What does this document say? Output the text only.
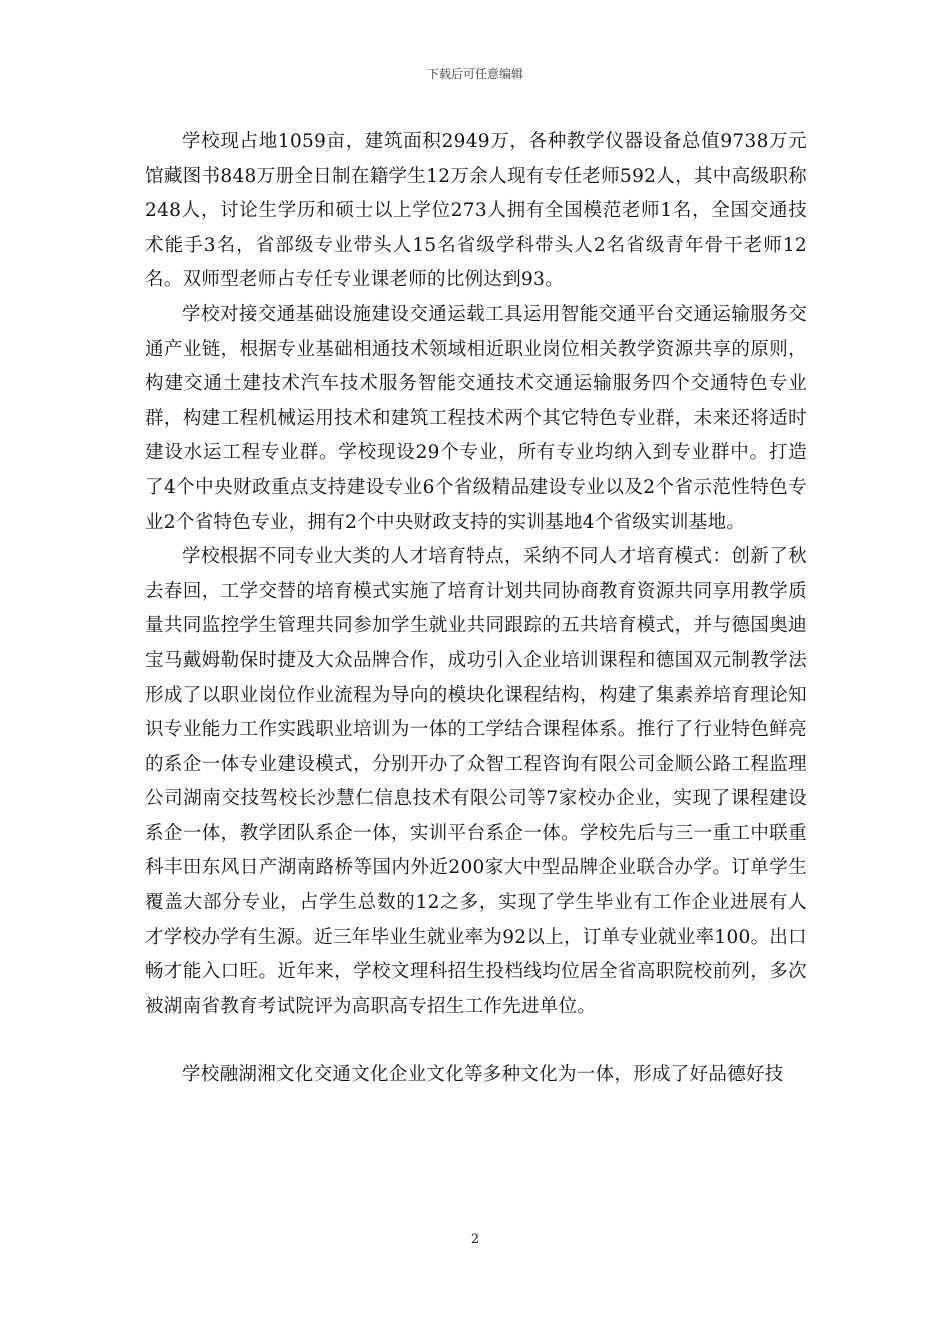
下载后可任意编辑

学校现占地1059亩，建筑面积2949万，各种教学仪器设备总值9738万元馆藏图书848万册全日制在籍学生12万余人现有专任老师592人，其中高级职称248人，讨论生学历和硕士以上学位273人拥有全国模范老师1名，全国交通技术能手3名，省部级专业带头人15名省级学科带头人2名省级青年骨干老师12名。双师型老师占专任专业课老师的比例达到93。

学校对接交通基础设施建设交通运载工具运用智能交通平台交通运输服务交通产业链，根据专业基础相通技术领域相近职业岗位相关教学资源共享的原则，构建交通土建技术汽车技术服务智能交通技术交通运输服务四个交通特色专业群，构建工程机械运用技术和建筑工程技术两个其它特色专业群，未来还将适时建设水运工程专业群。学校现设29个专业，所有专业均纳入到专业群中。打造了4个中央财政重点支持建设专业6个省级精品建设专业以及2个省示范性特色专业2个省特色专业，拥有2个中央财政支持的实训基地4个省级实训基地。

学校根据不同专业大类的人才培育特点，采纳不同人才培育模式：创新了秋去春回，工学交替的培育模式实施了培育计划共同协商教育资源共同享用教学质量共同监控学生管理共同参加学生就业共同跟踪的五共培育模式，并与德国奥迪宝马戴姆勒保时捷及大众品牌合作，成功引入企业培训课程和德国双元制教学法形成了以职业岗位作业流程为导向的模块化课程结构，构建了集素养培育理论知识专业能力工作实践职业培训为一体的工学结合课程体系。推行了行业特色鲜亮的系企一体专业建设模式，分别开办了众智工程咨询有限公司金顺公路工程监理公司湖南交技驾校长沙慧仁信息技术有限公司等7家校办企业，实现了课程建设系企一体，教学团队系企一体，实训平台系企一体。学校先后与三一重工中联重科丰田东风日产湖南路桥等国内外近200家大中型品牌企业联合办学。订单学生覆盖大部分专业，占学生总数的12之多，实现了学生毕业有工作企业进展有人才学校办学有生源。近三年毕业生就业率为92以上，订单专业就业率100。出口畅才能入口旺。近年来，学校文理科招生投档线均位居全省高职院校前列，多次被湖南省教育考试院评为高职高专招生工作先进单位。

学校融湖湘文化交通文化企业文化等多种文化为一体，形成了好品德好技

2
